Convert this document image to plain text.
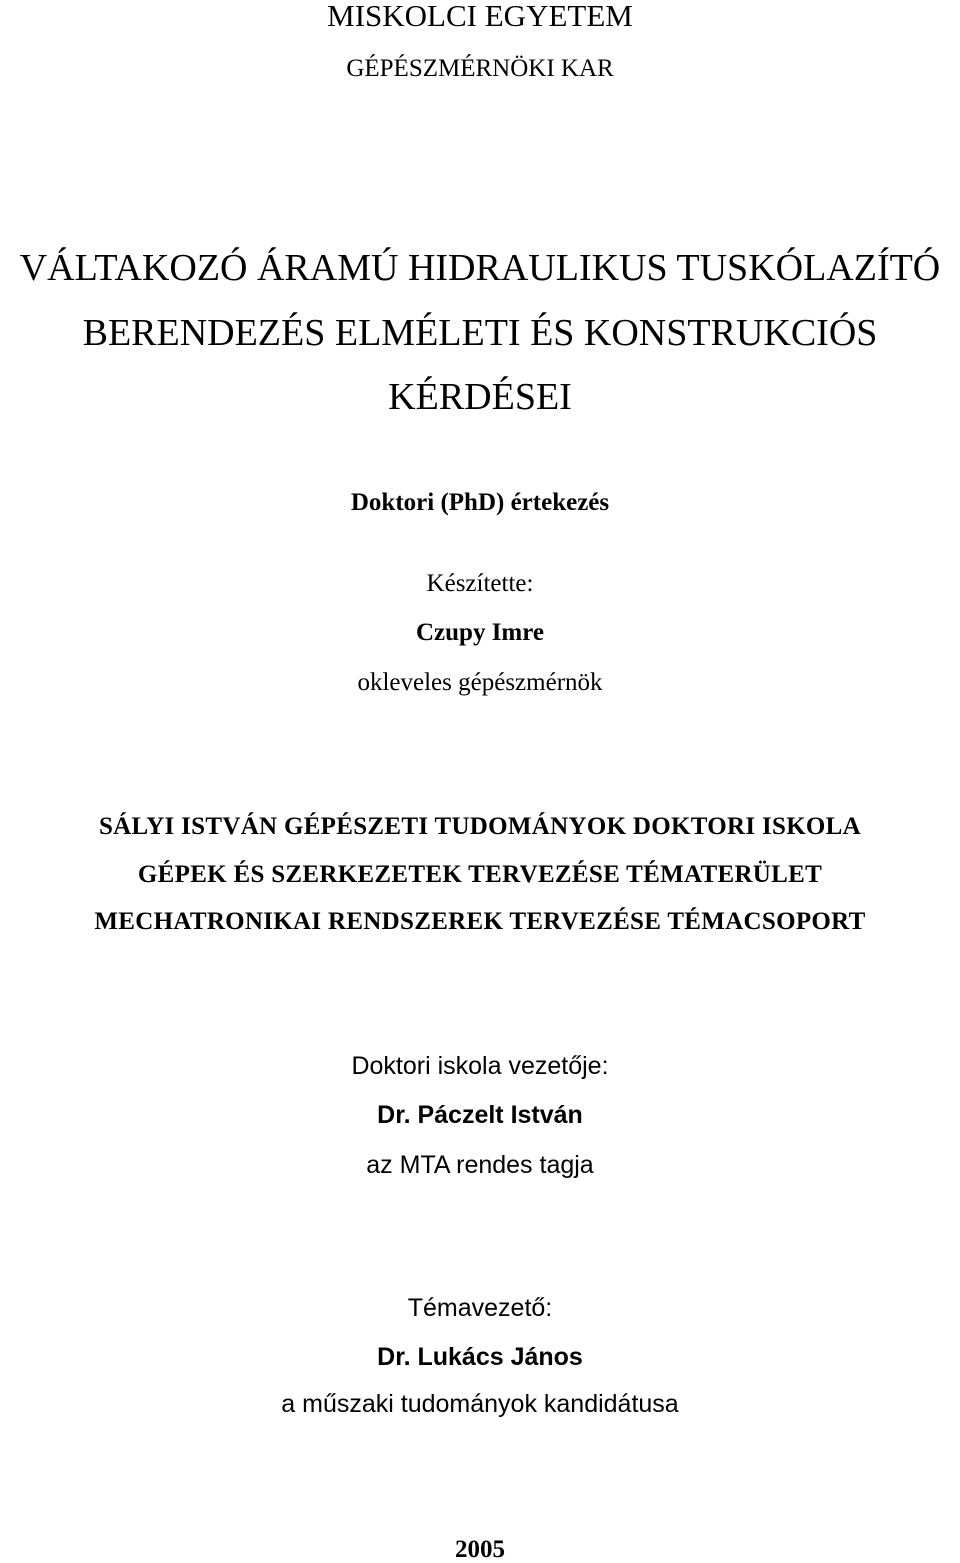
MISKOLCI EGYETEM
GÉPÉSZMÉRNÖKI KAR
VÁLTAKOZÓ ÁRAMÚ HIDRAULIKUS TUSKÓLAZÍTÓ
BERENDEZÉS ELMÉLETI ÉS KONSTRUKCIÓS
KÉRDÉSEI
Doktori (PhD) értekezés
Készítette:
Czupy Imre
okleveles gépészmérnök
SÁLYI ISTVÁN GÉPÉSZETI TUDOMÁNYOK DOKTORI ISKOLA
GÉPEK ÉS SZERKEZETEK TERVEZÉSE TÉMATERÜLET
MECHATRONIKAI RENDSZEREK TERVEZÉSE TÉMACSOPORT
Doktori iskola vezetője:
Dr. Páczelt István
az MTA rendes tagja
Témavezető:
Dr. Lukács János
a műszaki tudományok kandidátusa
2005
